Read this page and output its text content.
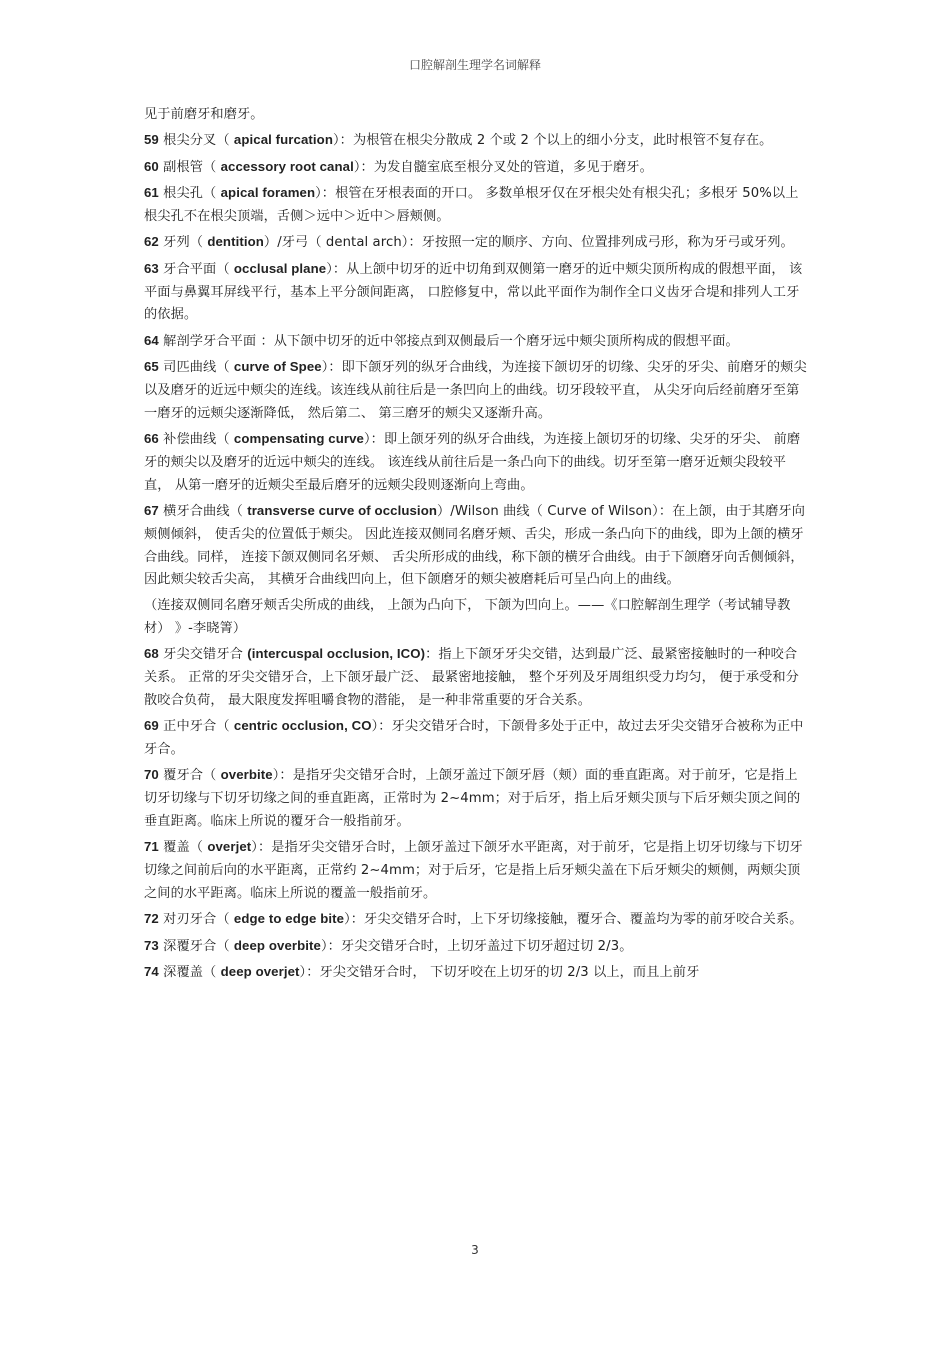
口腔解剖生理学名词解释

见于前磨牙和磨牙。

59 根尖分叉（ apical furcation）：为根管在根尖分散成 2 个或 2 个以上的细小分支，此时根管不复存在。

60 副根管（ accessory root canal）：为发自髓室底至根分叉处的管道，多见于磨牙。

61 根尖孔（ apical foramen）：根管在牙根表面的开口。 多数单根牙仅在牙根尖处有根尖孔；多根牙 50%以上根尖孔不在根尖顶端，舌侧＞远中＞近中＞唇颊侧。

62 牙列（ dentition）/牙弓（ dental arch）：牙按照一定的顺序、方向、位置排列成弓形，称为牙弓或牙列。

63 牙合平面（ occlusal plane）：从上颌中切牙的近中切角到双侧第一磨牙的近中颊尖顶所构成的假想平面， 该平面与鼻翼耳屏线平行，基本上平分颌间距离， 口腔修复中，常以此平面作为制作全口义齿牙合堤和排列人工牙的依据。

64 解剖学牙合平面 ：从下颌中切牙的近中邻接点到双侧最后一个磨牙远中颊尖顶所构成的假想平面。

65 司匹曲线（ curve of Spee）：即下颌牙列的纵牙合曲线，为连接下颌切牙的切缘、尖牙的牙尖、前磨牙的颊尖以及磨牙的近远中颊尖的连线。该连线从前往后是一条凹向上的曲线。切牙段较平直， 从尖牙向后经前磨牙至第一磨牙的远颊尖逐渐降低， 然后第二、 第三磨牙的颊尖又逐渐升高。

66 补偿曲线（ compensating curve）：即上颌牙列的纵牙合曲线，为连接上颌切牙的切缘、尖牙的牙尖、 前磨牙的颊尖以及磨牙的近远中颊尖的连线。 该连线从前往后是一条凸向下的曲线。切牙至第一磨牙近颊尖段较平直， 从第一磨牙的近颊尖至最后磨牙的远颊尖段则逐渐向上弯曲。

67 横牙合曲线（ transverse curve of occlusion）/Wilson 曲线（ Curve of Wilson）：在上颌，由于其磨牙向颊侧倾斜， 使舌尖的位置低于颊尖。 因此连接双侧同名磨牙颊、舌尖，形成一条凸向下的曲线，即为上颌的横牙合曲线。同样， 连接下颌双侧同名牙颊、 舌尖所形成的曲线，称下颌的横牙合曲线。由于下颌磨牙向舌侧倾斜，因此颊尖较舌尖高， 其横牙合曲线凹向上，但下颌磨牙的颊尖被磨耗后可呈凸向上的曲线。

（连接双侧同名磨牙颊舌尖所成的曲线， 上颌为凸向下， 下颌为凹向上。——《口腔解剖生理学（考试辅导教材） 》-李晓箐）

68 牙尖交错牙合 (intercuspal occlusion, ICO)：指上下颌牙牙尖交错，达到最广泛、最紧密接触时的一种咬合关系。 正常的牙尖交错牙合，上下颌牙最广泛、 最紧密地接触， 整个牙列及牙周组织受力均匀， 便于承受和分散咬合负荷， 最大限度发挥咀嚼食物的潜能， 是一种非常重要的牙合关系。

69 正中牙合（ centric occlusion, CO）：牙尖交错牙合时，下颌骨多处于正中，故过去牙尖交错牙合被称为正中牙合。

70 覆牙合（ overbite）：是指牙尖交错牙合时，上颌牙盖过下颌牙唇（颊）面的垂直距离。对于前牙，它是指上切牙切缘与下切牙切缘之间的垂直距离，正常时为 2~4mm；对于后牙，指上后牙颊尖顶与下后牙颊尖顶之间的垂直距离。临床上所说的覆牙合一般指前牙。

71 覆盖（ overjet）：是指牙尖交错牙合时，上颌牙盖过下颌牙水平距离，对于前牙，它是指上切牙切缘与下切牙切缘之间前后向的水平距离，正常约 2~4mm；对于后牙，它是指上后牙颊尖盖在下后牙颊尖的颊侧，两颊尖顶之间的水平距离。临床上所说的覆盖一般指前牙。

72 对刃牙合（ edge to edge bite）：牙尖交错牙合时，上下牙切缘接触，覆牙合、覆盖均为零的前牙咬合关系。

73 深覆牙合（ deep overbite）：牙尖交错牙合时，上切牙盖过下切牙超过切 2/3。

74 深覆盖（ deep overjet）：牙尖交错牙合时， 下切牙咬在上切牙的切 2/3 以上，而且上前牙

3
